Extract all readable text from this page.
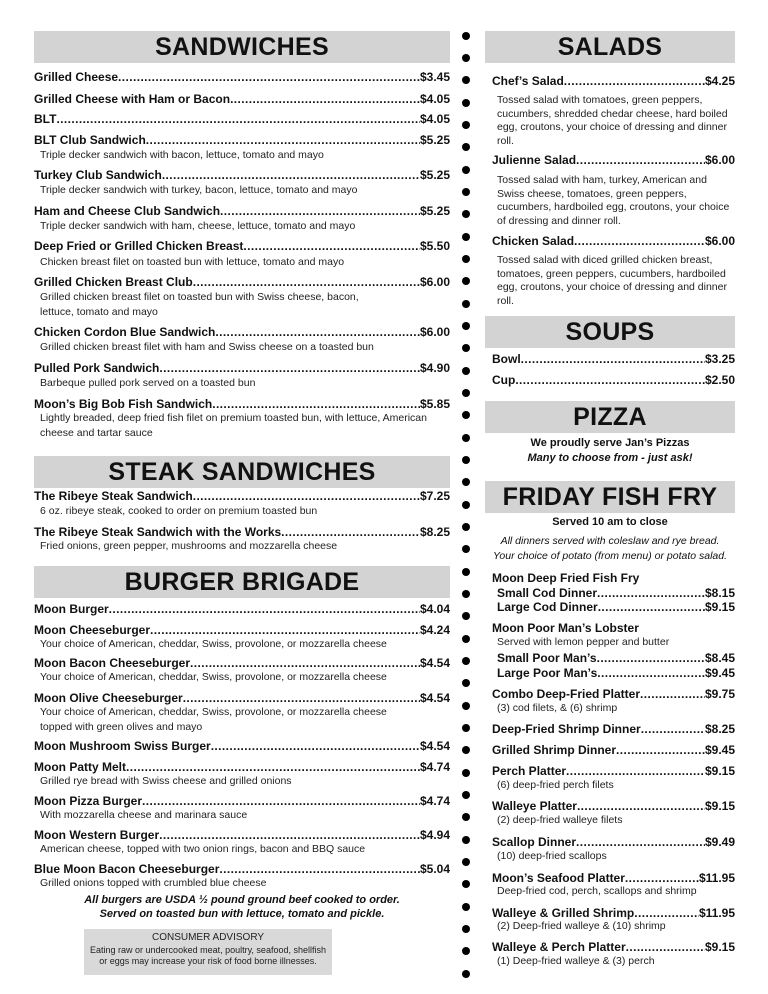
SANDWICHES
Grilled Cheese .....	$3.45
Grilled Cheese with Ham or Bacon .....	$4.05
BLT .....	$4.05
BLT Club Sandwich .....	$5.25
Triple decker sandwich with bacon, lettuce, tomato and mayo
Turkey Club Sandwich .....	$5.25
Triple decker sandwich with turkey, bacon, lettuce, tomato and mayo
Ham and Cheese Club Sandwich .....	$5.25
Triple decker sandwich with ham, cheese, lettuce, tomato and mayo
Deep Fried or Grilled Chicken Breast .....	$5.50
Chicken breast filet on toasted bun with lettuce, tomato and mayo
Grilled Chicken Breast Club .....	$6.00
Grilled chicken breast filet on toasted bun with Swiss cheese, bacon, lettuce, tomato and mayo
Chicken Cordon Blue Sandwich .....	$6.00
Grilled chicken breast filet with ham and Swiss cheese on a toasted bun
Pulled Pork Sandwich .....	$4.90
Barbeque pulled pork served on a toasted bun
Moon’s Big Bob Fish Sandwich .....	$5.85
Lightly breaded, deep fried fish filet on premium toasted bun, with lettuce, American cheese and tartar sauce
STEAK SANDWICHES
The Ribeye Steak Sandwich .....	$7.25
6 oz. ribeye steak, cooked to order on premium toasted bun
The Ribeye Steak Sandwich with the Works .....	$8.25
Fried onions, green pepper, mushrooms and mozzarella cheese
BURGER BRIGADE
Moon Burger .....	$4.04
Moon Cheeseburger .....	$4.24
Your choice of American, cheddar, Swiss, provolone, or mozzarella cheese
Moon Bacon Cheeseburger .....	$4.54
Your choice of American, cheddar, Swiss, provolone, or mozzarella cheese
Moon Olive Cheeseburger .....	$4.54
Your choice of American, cheddar, Swiss, provolone, or mozzarella cheese topped with green olives and mayo
Moon Mushroom Swiss Burger .....	$4.54
Moon Patty Melt .....	$4.74
Grilled rye bread with Swiss cheese and grilled onions
Moon Pizza Burger .....	$4.74
With mozzarella cheese and marinara sauce
Moon Western Burger .....	$4.94
American cheese, topped with two onion rings, bacon and BBQ sauce
Blue Moon Bacon Cheeseburger .....	$5.04
Grilled onions topped with crumbled blue cheese
All burgers are USDA ½ pound ground beef cooked to order.
Served on toasted bun with lettuce, tomato and pickle.
CONSUMER ADVISORY
Eating raw or undercooked meat, poultry, seafood, shellfish
or eggs may increase your risk of food borne illnesses.
SALADS
Chef’s Salad .....	$4.25
Tossed salad with tomatoes, green peppers, cucumbers, shredded chedar cheese, hard boiled egg, croutons, your choice of dressing and dinner roll.
Julienne Salad .....	$6.00
Tossed salad with ham, turkey, American and Swiss cheese, tomatoes, green peppers, cucumbers, hardboiled egg, croutons, your choice of dressing and dinner roll.
Chicken Salad .....	$6.00
Tossed salad with diced grilled chicken breast, tomatoes, green peppers, cucumbers, hardboiled egg, croutons, your choice of dressing and dinner roll.
SOUPS
Bowl .....	$3.25
Cup .....	$2.50
PIZZA
We proudly serve Jan’s Pizzas
Many to choose from - just ask!
FRIDAY FISH FRY
Served 10 am to close
All dinners served with coleslaw and rye bread.
Your choice of potato (from menu) or potato salad.
Moon Deep Fried Fish Fry
Small Cod Dinner .....	$8.15
Large Cod Dinner .....	$9.15
Moon Poor Man’s Lobster
Served with lemon pepper and butter
Small Poor Man’s .....	$8.45
Large Poor Man’s .....	$9.45
Combo Deep-Fried Platter .....	$9.75
(3) cod filets, & (6) shrimp
Deep-Fried Shrimp Dinner .....	$8.25
Grilled Shrimp Dinner .....	$9.45
Perch Platter .....	$9.15
(6) deep-fried perch filets
Walleye Platter .....	$9.15
(2) deep-fried walleye filets
Scallop Dinner .....	$9.49
(10) deep-fried scallops
Moon’s Seafood Platter .....	$11.95
Deep-fried cod, perch, scallops and shrimp
Walleye & Grilled Shrimp .....	$11.95
(2) Deep-fried walleye & (10) shrimp
Walleye & Perch Platter .....	$9.15
(1) Deep-fried walleye & (3) perch
